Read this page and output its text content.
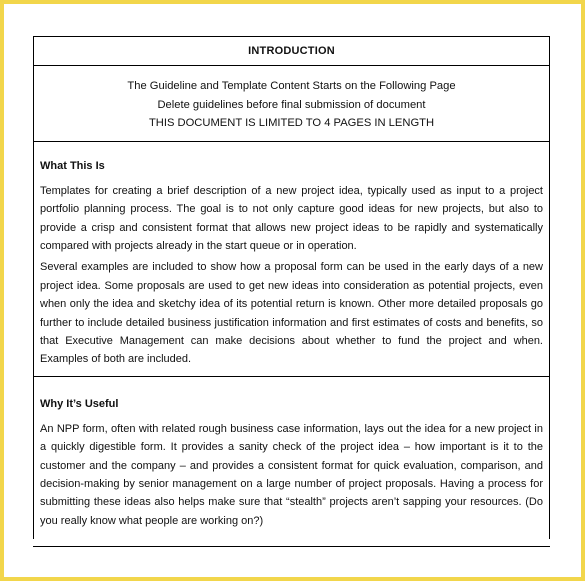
INTRODUCTION
The Guideline and Template Content Starts on the Following Page
Delete guidelines before final submission of document
THIS DOCUMENT IS LIMITED TO 4 PAGES IN LENGTH
What This Is

Templates for creating a brief description of a new project idea, typically used as input to a project portfolio planning process. The goal is to not only capture good ideas for new projects, but also to provide a crisp and consistent format that allows new project ideas to be rapidly and systematically compared with projects already in the start queue or in operation.

Several examples are included to show how a proposal form can be used in the early days of a new project idea. Some proposals are used to get new ideas into consideration as potential projects, even when only the idea and sketchy idea of its potential return is known. Other more detailed proposals go further to include detailed business justification information and first estimates of costs and benefits, so that Executive Management can make decisions about whether to fund the project and when. Examples of both are included.

Why It’s Useful

An NPP form, often with related rough business case information, lays out the idea for a new project in a quickly digestible form. It provides a sanity check of the project idea – how important is it to the customer and the company – and provides a consistent format for quick evaluation, comparison, and decision-making by senior management on a large number of project proposals. Having a process for submitting these ideas also helps make sure that “stealth” projects aren’t sapping your resources. (Do you really know what people are working on?)
